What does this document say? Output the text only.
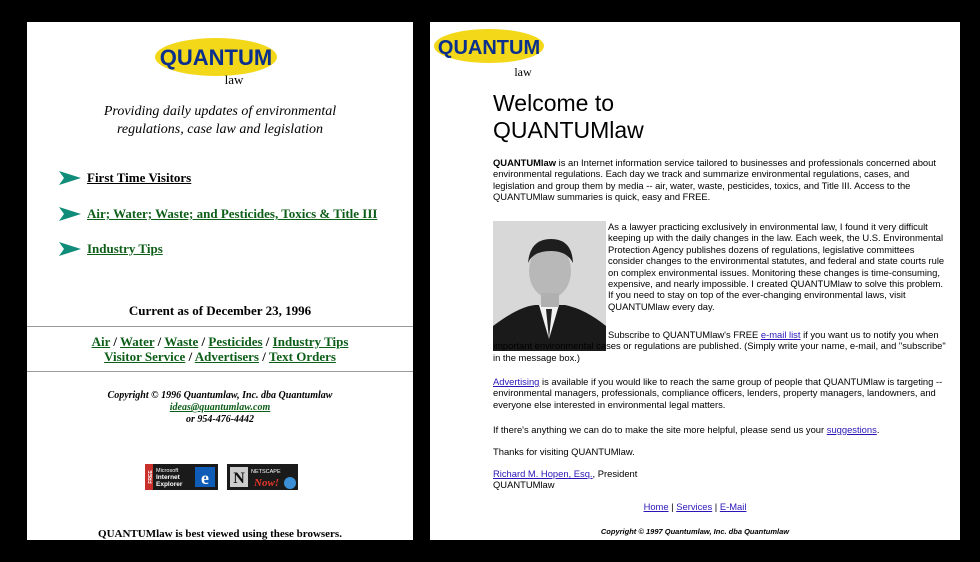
QUANTUM
law
Providing daily updates of environmental regulations, case law and legislation
First Time Visitors
Air; Water; Waste; and Pesticides, Toxics & Title III
Industry Tips
Current as of December 23, 1996
Air / Water / Waste / Pesticides / Industry Tips
Visitor Service / Advertisers / Text Orders
Copyright © 1996 Quantumlaw, Inc. dba Quantumlaw
ideas@quantumlaw.com
or 954-476-4442
FREE Microsoft
Internet
Explorer e N NETSCAPE
Now!
QUANTUMlaw is best viewed using these browsers.
QUANTUM
law
Welcome to
QUANTUMlaw
QUANTUMlaw is an Internet information service tailored to businesses and professionals concerned about environmental regulations. Each day we track and summarize environmental regulations, cases, and legislation and group them by media -- air, water, waste, pesticides, toxics, and Title III. Access to the QUANTUMlaw summaries is quick, easy and FREE.
As a lawyer practicing exclusively in environmental law, I found it very difficult keeping up with the daily changes in the law. Each week, the U.S. Environmental Protection Agency publishes dozens of regulations, legislative committees consider changes to the environmental statutes, and federal and state courts rule on complex environmental issues. Monitoring these changes is time-consuming, expensive, and nearly impossible. I created QUANTUMlaw to solve this problem. If you need to stay on top of the ever-changing environmental laws, visit QUANTUMlaw every day.
Subscribe to QUANTUMlaw's FREE e-mail list if you want us to notify you when important environmental cases or regulations are published. (Simply write your name, e-mail, and "subscribe" in the message box.)
Advertising is available if you would like to reach the same group of people that QUANTUMlaw is targeting -- environmental managers, professionals, compliance officers, lenders, property managers, landowners, and everyone else interested in environmental legal matters.
If there's anything we can do to make the site more helpful, please send us your suggestions.
Thanks for visiting QUANTUMlaw.
Richard M. Hopen, Esq., President
QUANTUMlaw
Home | Services | E-Mail
Copyright © 1997 Quantumlaw, Inc. dba Quantumlaw
